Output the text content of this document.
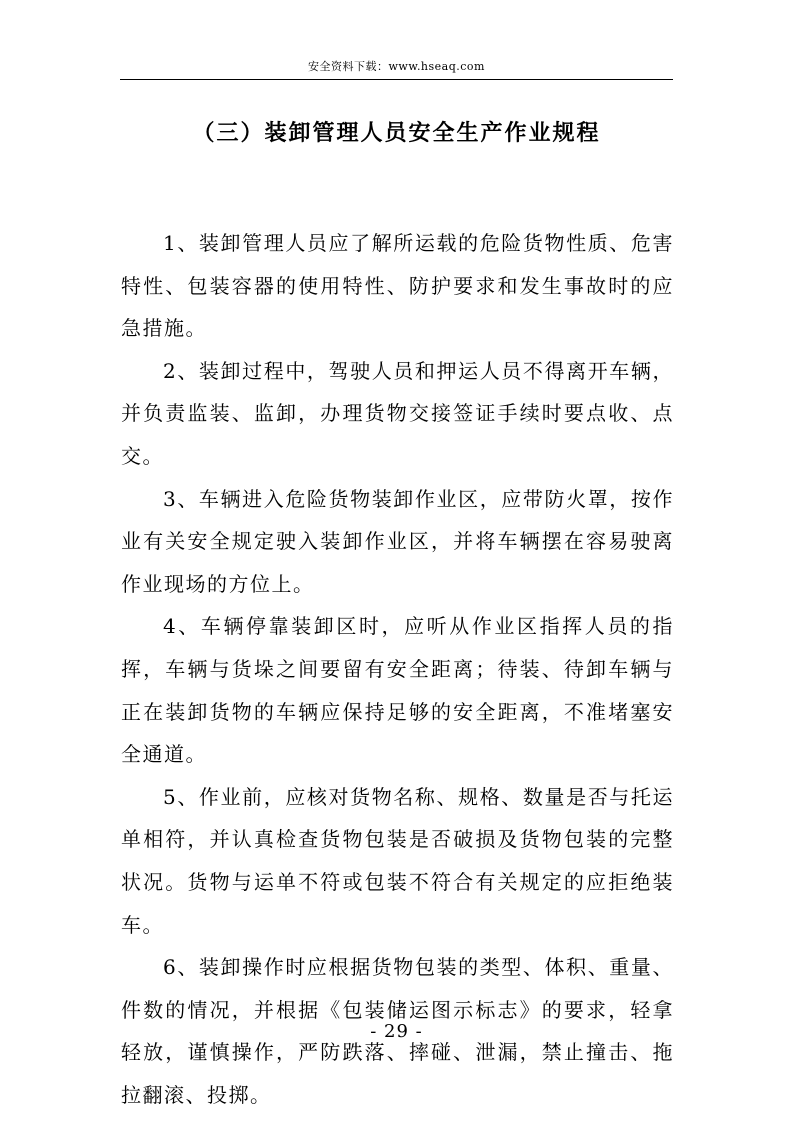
安全资料下载：www.hseaq.com
（三）装卸管理人员安全生产作业规程

1、装卸管理人员应了解所运载的危险货物性质、危害特性、包装容器的使用特性、防护要求和发生事故时的应急措施。

2、装卸过程中，驾驶人员和押运人员不得离开车辆，并负责监装、监卸，办理货物交接签证手续时要点收、点交。

3、车辆进入危险货物装卸作业区，应带防火罩，按作业有关安全规定驶入装卸作业区，并将车辆摆在容易驶离作业现场的方位上。

4、车辆停靠装卸区时，应听从作业区指挥人员的指挥，车辆与货垛之间要留有安全距离；待装、待卸车辆与正在装卸货物的车辆应保持足够的安全距离，不准堵塞安全通道。

5、作业前，应核对货物名称、规格、数量是否与托运单相符，并认真检查货物包装是否破损及货物包装的完整状况。货物与运单不符或包装不符合有关规定的应拒绝装车。

6、装卸操作时应根据货物包装的类型、体积、重量、件数的情况，并根据《包装储运图示标志》的要求，轻拿轻放，谨慎操作，严防跌落、摔碰、泄漏，禁止撞击、拖拉翻滚、投掷。

- 29 -
